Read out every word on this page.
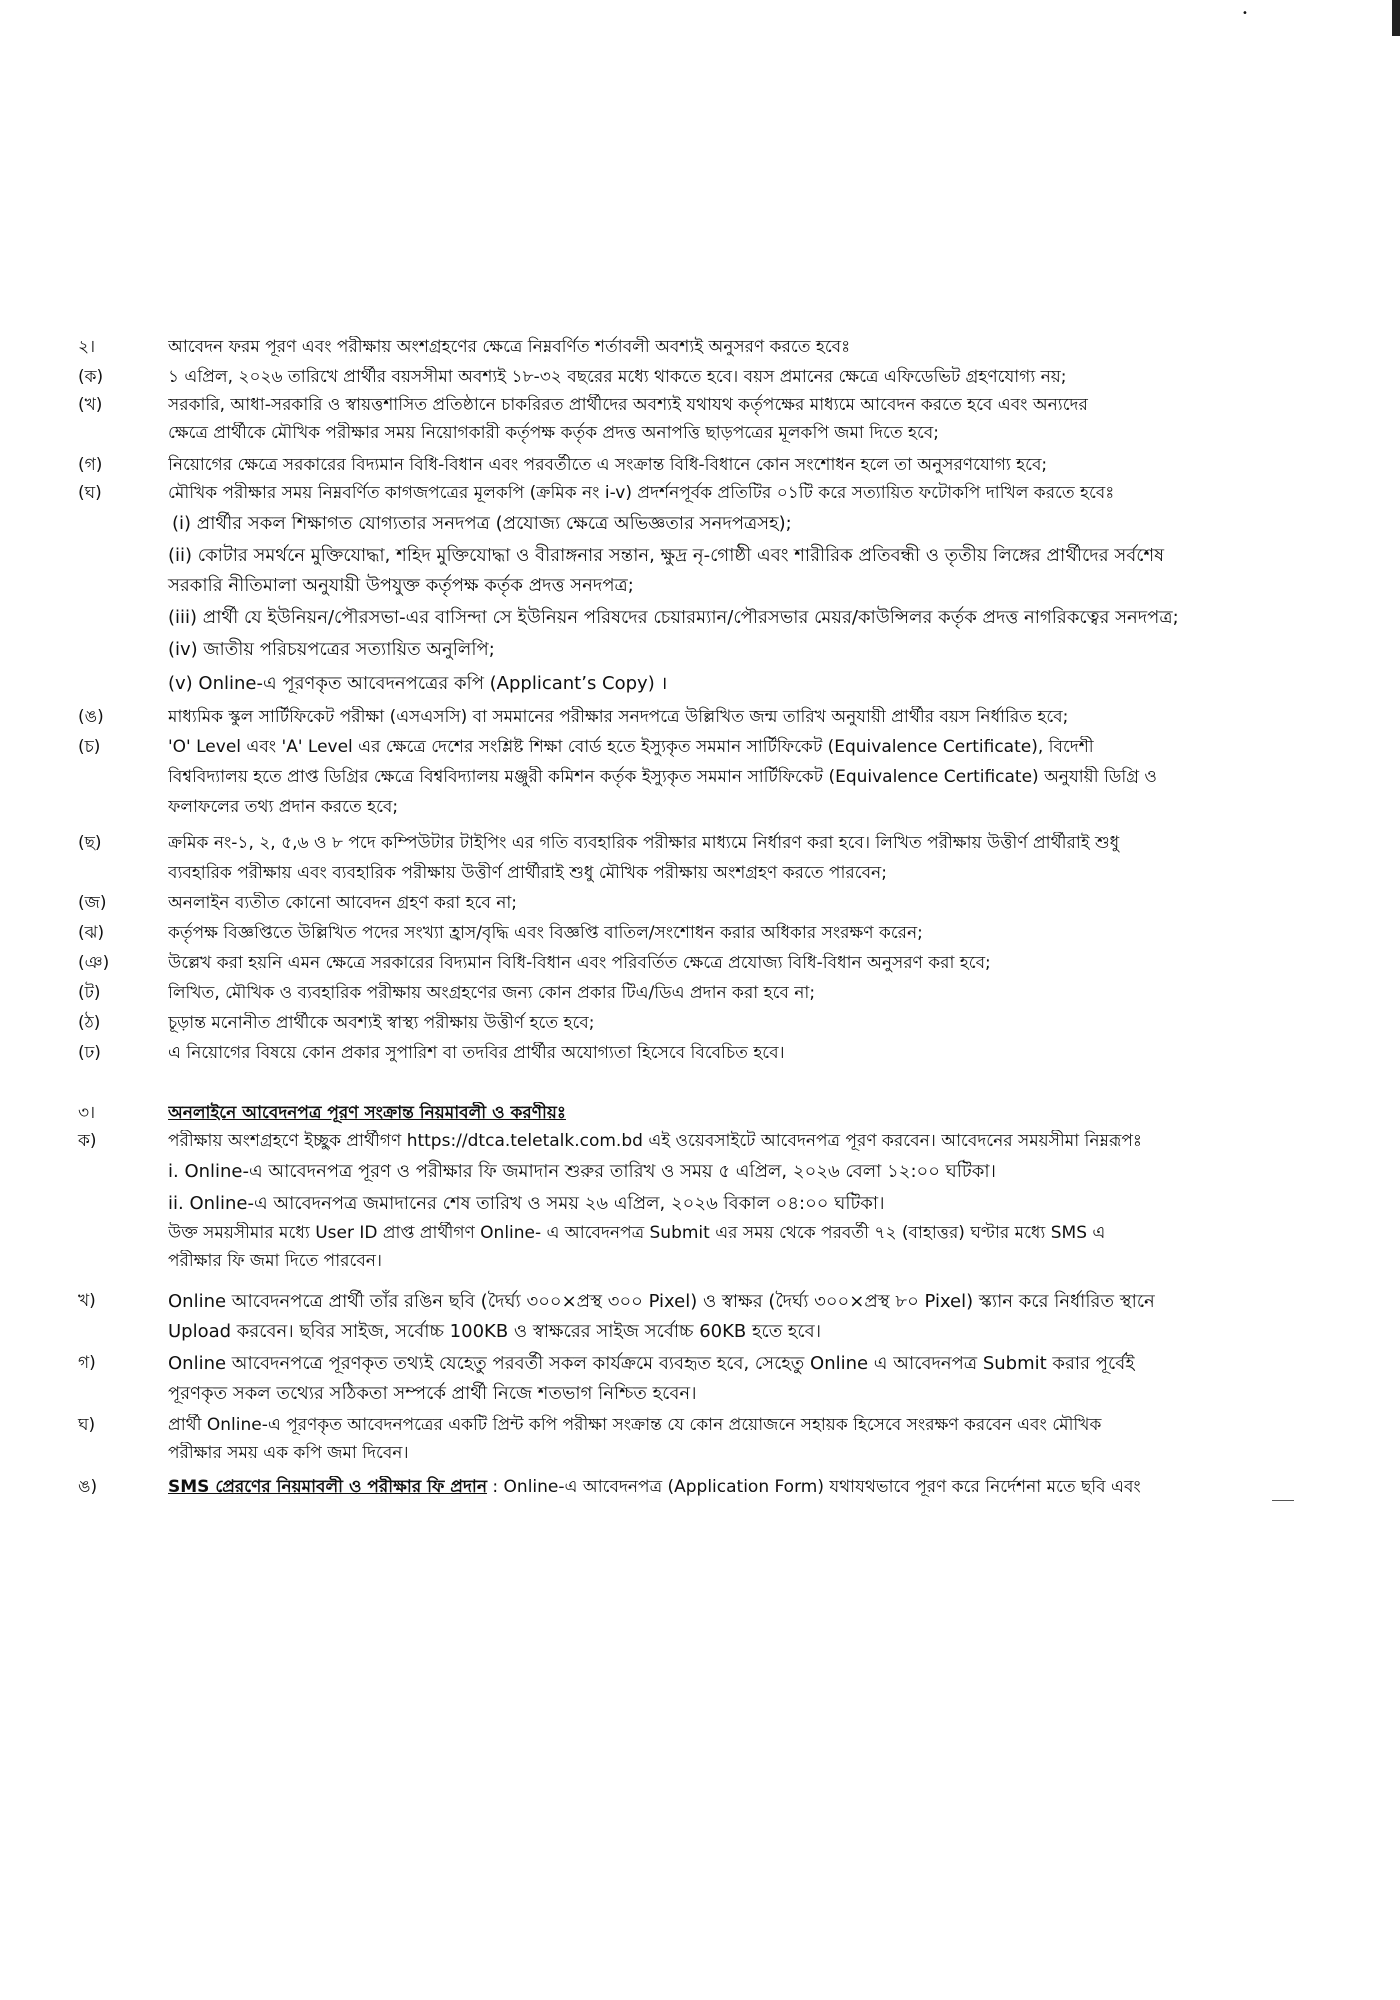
•
২।	আবেদন ফরম পূরণ এবং পরীক্ষায় অংশগ্রহণের ক্ষেত্রে নিম্নবর্ণিত শর্তাবলী অবশ্যই অনুসরণ করতে হবেঃ
(ক)	১ এপ্রিল, ২০২৬ তারিখে প্রার্থীর বয়সসীমা অবশ্যই ১৮-৩২ বছরের মধ্যে থাকতে হবে। বয়স প্রমানের ক্ষেত্রে এফিডেভিট গ্রহণযোগ্য নয়;
(খ)	সরকারি, আধা-সরকারি ও স্বায়ত্তশাসিত প্রতিষ্ঠানে চাকরিরত প্রার্থীদের অবশ্যই যথাযথ কর্তৃপক্ষের মাধ্যমে আবেদন করতে হবে এবং অন্যদের
ক্ষেত্রে প্রার্থীকে মৌখিক পরীক্ষার সময় নিয়োগকারী কর্তৃপক্ষ কর্তৃক প্রদত্ত অনাপত্তি ছাড়পত্রের মূলকপি জমা দিতে হবে;
(গ)	নিয়োগের ক্ষেত্রে সরকারের বিদ্যমান বিধি-বিধান এবং পরবর্তীতে এ সংক্রান্ত বিধি-বিধানে কোন সংশোধন হলে তা অনুসরণযোগ্য হবে;
(ঘ)	মৌখিক পরীক্ষার সময় নিম্নবর্ণিত কাগজপত্রের মূলকপি (ক্রমিক নং i-v) প্রদর্শনপূর্বক প্রতিটির ০১টি করে সত্যায়িত ফটোকপি দাখিল করতে হবেঃ
(i) প্রার্থীর সকল শিক্ষাগত যোগ্যতার সনদপত্র (প্রযোজ্য ক্ষেত্রে অভিজ্ঞতার সনদপত্রসহ);
(ii) কোটার সমর্থনে মুক্তিযোদ্ধা, শহিদ মুক্তিযোদ্ধা ও বীরাঙ্গনার সন্তান, ক্ষুদ্র নৃ-গোষ্ঠী এবং শারীরিক প্রতিবন্ধী ও তৃতীয় লিঙ্গের প্রার্থীদের সর্বশেষ
সরকারি নীতিমালা অনুযায়ী উপযুক্ত কর্তৃপক্ষ কর্তৃক প্রদত্ত সনদপত্র;
(iii) প্রার্থী যে ইউনিয়ন/পৌরসভা-এর বাসিন্দা সে ইউনিয়ন পরিষদের চেয়ারম্যান/পৌরসভার মেয়র/কাউন্সিলর কর্তৃক প্রদত্ত নাগরিকত্বের সনদপত্র;
(iv) জাতীয় পরিচয়পত্রের সত্যায়িত অনুলিপি;
(v) Online-এ পূরণকৃত আবেদনপত্রের কপি (Applicant’s Copy) ।
(ঙ)	মাধ্যমিক স্কুল সার্টিফিকেট পরীক্ষা (এসএসসি) বা সমমানের পরীক্ষার সনদপত্রে উল্লিখিত জন্ম তারিখ অনুযায়ী প্রার্থীর বয়স নির্ধারিত হবে;
(চ)	'O' Level এবং 'A' Level এর ক্ষেত্রে দেশের সংশ্লিষ্ট শিক্ষা বোর্ড হতে ইস্যুকৃত সমমান সার্টিফিকেট (Equivalence Certificate), বিদেশী
বিশ্ববিদ্যালয় হতে প্রাপ্ত ডিগ্রির ক্ষেত্রে বিশ্ববিদ্যালয় মঞ্জুরী কমিশন কর্তৃক ইস্যুকৃত সমমান সার্টিফিকেট (Equivalence Certificate) অনুযায়ী ডিগ্রি ও
ফলাফলের তথ্য প্রদান করতে হবে;
(ছ)	ক্রমিক নং-১, ২, ৫,৬ ও ৮ পদে কম্পিউটার টাইপিং এর গতি ব্যবহারিক পরীক্ষার মাধ্যমে নির্ধারণ করা হবে। লিখিত পরীক্ষায় উত্তীর্ণ প্রার্থীরাই শুধু
ব্যবহারিক পরীক্ষায় এবং ব্যবহারিক পরীক্ষায় উত্তীর্ণ প্রার্থীরাই শুধু মৌখিক পরীক্ষায় অংশগ্রহণ করতে পারবেন;
(জ)	অনলাইন ব্যতীত কোনো আবেদন গ্রহণ করা হবে না;
(ঝ)	কর্তৃপক্ষ বিজ্ঞপ্তিতে উল্লিখিত পদের সংখ্যা হ্রাস/বৃদ্ধি এবং বিজ্ঞপ্তি বাতিল/সংশোধন করার অধিকার সংরক্ষণ করেন;
(ঞ)	উল্লেখ করা হয়নি এমন ক্ষেত্রে সরকারের বিদ্যমান বিধি-বিধান এবং পরিবর্তিত ক্ষেত্রে প্রযোজ্য বিধি-বিধান অনুসরণ করা হবে;
(ট)	লিখিত, মৌখিক ও ব্যবহারিক পরীক্ষায় অংগ্রহণের জন্য কোন প্রকার টিএ/ডিএ প্রদান করা হবে না;
(ঠ)	চূড়ান্ত মনোনীত প্রার্থীকে অবশ্যই স্বাস্থ্য পরীক্ষায় উত্তীর্ণ হতে হবে;
(ঢ)	এ নিয়োগের বিষয়ে কোন প্রকার সুপারিশ বা তদবির প্রার্থীর অযোগ্যতা হিসেবে বিবেচিত হবে।
৩।	অনলাইনে আবেদনপত্র পূরণ সংক্রান্ত নিয়মাবলী ও করণীয়ঃ
ক)	পরীক্ষায় অংশগ্রহণে ইচ্ছুক প্রার্থীগণ https://dtca.teletalk.com.bd এই ওয়েবসাইটে আবেদনপত্র পূরণ করবেন। আবেদনের সময়সীমা নিম্নরূপঃ
i. Online-এ আবেদনপত্র পূরণ ও পরীক্ষার ফি জমাদান শুরুর তারিখ ও সময় ৫ এপ্রিল, ২০২৬ বেলা ১২:০০ ঘটিকা।
ii. Online-এ আবেদনপত্র জমাদানের শেষ তারিখ ও সময় ২৬ এপ্রিল, ২০২৬ বিকাল ০৪:০০ ঘটিকা।
উক্ত সময়সীমার মধ্যে User ID প্রাপ্ত প্রার্থীগণ Online- এ আবেদনপত্র Submit এর সময় থেকে পরবর্তী ৭২ (বাহাত্তর) ঘণ্টার মধ্যে SMS এ
পরীক্ষার ফি জমা দিতে পারবেন।
খ)	Online আবেদনপত্রে প্রার্থী তাঁর রঙিন ছবি (দৈর্ঘ্য ৩০০×প্রস্থ ৩০০ Pixel) ও স্বাক্ষর (দৈর্ঘ্য ৩০০×প্রস্থ ৮০ Pixel) স্ক্যান করে নির্ধারিত স্থানে
Upload করবেন। ছবির সাইজ, সর্বোচ্চ 100KB ও স্বাক্ষরের সাইজ সর্বোচ্চ 60KB হতে হবে।
গ)	Online আবেদনপত্রে পূরণকৃত তথ্যই যেহেতু পরবর্তী সকল কার্যক্রমে ব্যবহৃত হবে, সেহেতু Online এ আবেদনপত্র Submit করার পূর্বেই
পূরণকৃত সকল তথ্যের সঠিকতা সম্পর্কে প্রার্থী নিজে শতভাগ নিশ্চিত হবেন।
ঘ)	প্রার্থী Online-এ পূরণকৃত আবেদনপত্রের একটি প্রিন্ট কপি পরীক্ষা সংক্রান্ত যে কোন প্রয়োজনে সহায়ক হিসেবে সংরক্ষণ করবেন এবং মৌখিক
পরীক্ষার সময় এক কপি জমা দিবেন।
ঙ)	SMS প্রেরণের নিয়মাবলী ও পরীক্ষার ফি প্রদান : Online-এ আবেদনপত্র (Application Form) যথাযথভাবে পূরণ করে নির্দেশনা মতে ছবি এবং
